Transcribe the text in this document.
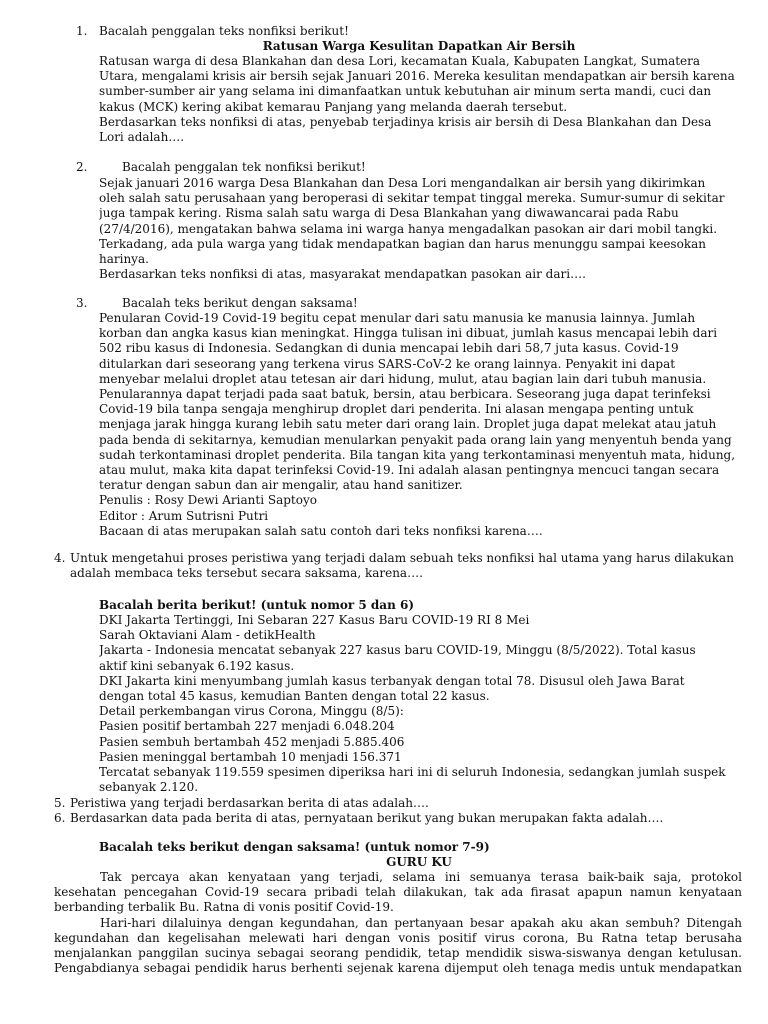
1. Bacalah penggalan teks nonfiksi berikut!
Ratusan Warga Kesulitan Dapatkan Air Bersih
Ratusan warga di desa Blankahan dan desa Lori, kecamatan Kuala, Kabupaten Langkat, Sumatera
Utara, mengalami krisis air bersih sejak Januari 2016. Mereka kesulitan mendapatkan air bersih karena
sumber-sumber air yang selama ini dimanfaatkan untuk kebutuhan air minum serta mandi, cuci dan
kakus (MCK) kering akibat kemarau Panjang yang melanda daerah tersebut.
Berdasarkan teks nonfiksi di atas, penyebab terjadinya krisis air bersih di Desa Blankahan dan Desa
Lori adalah….
2.	Bacalah penggalan tek nonfiksi berikut!
Sejak januari 2016 warga Desa Blankahan dan Desa Lori mengandalkan air bersih yang dikirimkan
oleh salah satu perusahaan yang beroperasi di sekitar tempat tinggal mereka. Sumur-sumur di sekitar
juga tampak kering. Risma salah satu warga di Desa Blankahan yang diwawancarai pada Rabu
(27/4/2016), mengatakan bahwa selama ini warga hanya mengadalkan pasokan air dari mobil tangki.
Terkadang, ada pula warga yang tidak mendapatkan bagian dan harus menunggu sampai keesokan
harinya.
Berdasarkan teks nonfiksi di atas, masyarakat mendapatkan pasokan air dari….
3.	Bacalah teks berikut dengan saksama!
Penularan Covid-19 Covid-19 begitu cepat menular dari satu manusia ke manusia lainnya. Jumlah
korban dan angka kasus kian meningkat. Hingga tulisan ini dibuat, jumlah kasus mencapai lebih dari
502 ribu kasus di Indonesia. Sedangkan di dunia mencapai lebih dari 58,7 juta kasus. Covid-19
ditularkan dari seseorang yang terkena virus SARS-CoV-2 ke orang lainnya. Penyakit ini dapat
menyebar melalui droplet atau tetesan air dari hidung, mulut, atau bagian lain dari tubuh manusia.
Penularannya dapat terjadi pada saat batuk, bersin, atau berbicara. Seseorang juga dapat terinfeksi
Covid-19 bila tanpa sengaja menghirup droplet dari penderita. Ini alasan mengapa penting untuk
menjaga jarak hingga kurang lebih satu meter dari orang lain. Droplet juga dapat melekat atau jatuh
pada benda di sekitarnya, kemudian menularkan penyakit pada orang lain yang menyentuh benda yang
sudah terkontaminasi droplet penderita. Bila tangan kita yang terkontaminasi menyentuh mata, hidung,
atau mulut, maka kita dapat terinfeksi Covid-19. Ini adalah alasan pentingnya mencuci tangan secara
teratur dengan sabun dan air mengalir, atau hand sanitizer.
Penulis : Rosy Dewi Arianti Saptoyo
Editor : Arum Sutrisni Putri
Bacaan di atas merupakan salah satu contoh dari teks nonfiksi karena….
4. Untuk mengetahui proses peristiwa yang terjadi dalam sebuah teks nonfiksi hal utama yang harus dilakukan
adalah membaca teks tersebut secara saksama, karena….
Bacalah berita berikut! (untuk nomor 5 dan 6)
DKI Jakarta Tertinggi, Ini Sebaran 227 Kasus Baru COVID-19 RI 8 Mei
Sarah Oktaviani Alam - detikHealth
Jakarta - Indonesia mencatat sebanyak 227 kasus baru COVID-19, Minggu (8/5/2022). Total kasus
aktif kini sebanyak 6.192 kasus.
DKI Jakarta kini menyumbang jumlah kasus terbanyak dengan total 78. Disusul oleh Jawa Barat
dengan total 45 kasus, kemudian Banten dengan total 22 kasus.
Detail perkembangan virus Corona, Minggu (8/5):
Pasien positif bertambah 227 menjadi 6.048.204
Pasien sembuh bertambah 452 menjadi 5.885.406
Pasien meninggal bertambah 10 menjadi 156.371
Tercatat sebanyak 119.559 spesimen diperiksa hari ini di seluruh Indonesia, sedangkan jumlah suspek
sebanyak 2.120.
5. Peristiwa yang terjadi berdasarkan berita di atas adalah….
6. Berdasarkan data pada berita di atas, pernyataan berikut yang bukan merupakan fakta adalah….
Bacalah teks berikut dengan saksama! (untuk nomor 7-9)
GURU KU
Tak percaya akan kenyataan yang terjadi, selama ini semuanya terasa baik-baik saja, protokol
kesehatan pencegahan Covid-19 secara pribadi telah dilakukan, tak ada firasat apapun namun kenyataan
berbanding terbalik Bu. Ratna di vonis positif Covid-19.
Hari-hari dilaluinya dengan kegundahan, dan pertanyaan besar apakah aku akan sembuh? Ditengah
kegundahan dan kegelisahan melewati hari dengan vonis positif virus corona, Bu Ratna tetap berusaha
menjalankan panggilan sucinya sebagai seorang pendidik, tetap mendidik siswa-siswanya dengan ketulusan.
Pengabdianya sebagai pendidik harus berhenti sejenak karena dijemput oleh tenaga medis untuk mendapatkan
